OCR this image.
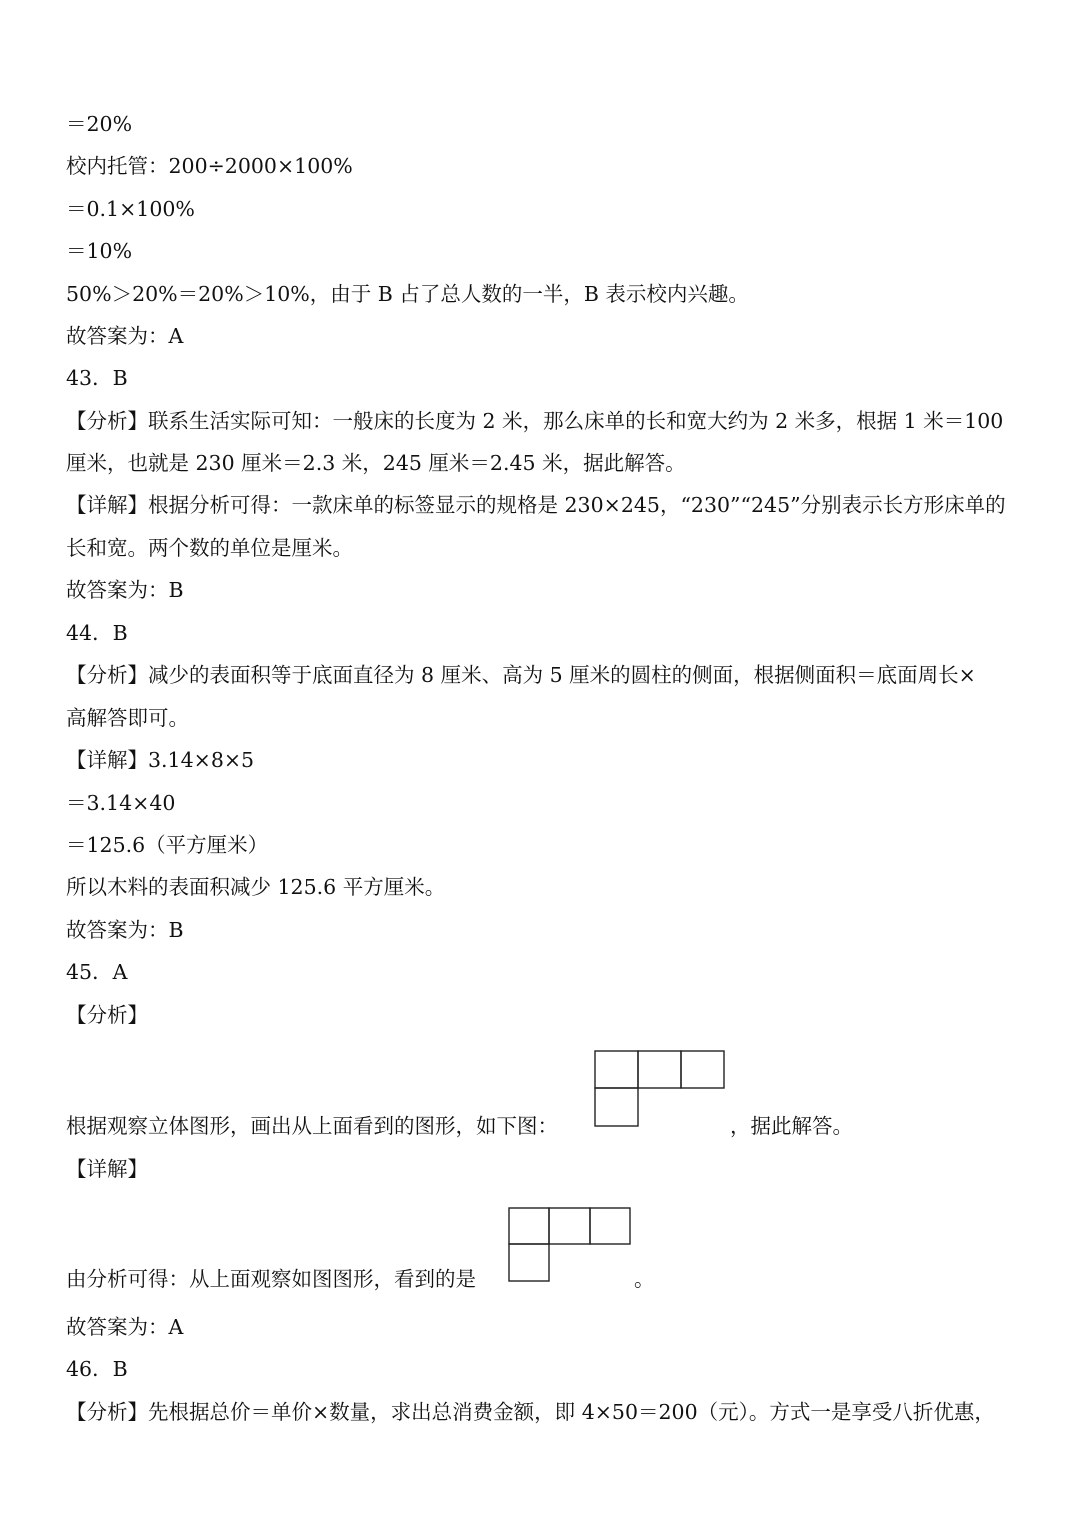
＝20%
校内托管：200÷2000×100%
＝0.1×100%
＝10%
50%＞20%＝20%＞10%，由于 B 占了总人数的一半，B 表示校内兴趣。
故答案为：A
43．B
【分析】联系生活实际可知：一般床的长度为 2 米，那么床单的长和宽大约为 2 米多，根据 1 米＝100
厘米，也就是 230 厘米＝2.3 米，245 厘米＝2.45 米，据此解答。
【详解】根据分析可得：一款床单的标签显示的规格是 230×245，“230”“245”分别表示长方形床单的
长和宽。两个数的单位是厘米。
故答案为：B
44．B
【分析】减少的表面积等于底面直径为 8 厘米、高为 5 厘米的圆柱的侧面，根据侧面积＝底面周长×
高解答即可。
【详解】3.14×8×5
＝3.14×40
＝125.6（平方厘米）
所以木料的表面积减少 125.6 平方厘米。
故答案为：B
45．A
【分析】
根据观察立体图形，画出从上面看到的图形，如下图：	，据此解答。
【详解】
由分析可得：从上面观察如图图形，看到的是	。
故答案为：A
46．B
【分析】先根据总价＝单价×数量，求出总消费金额，即 4×50＝200（元）。方式一是享受八折优惠，
